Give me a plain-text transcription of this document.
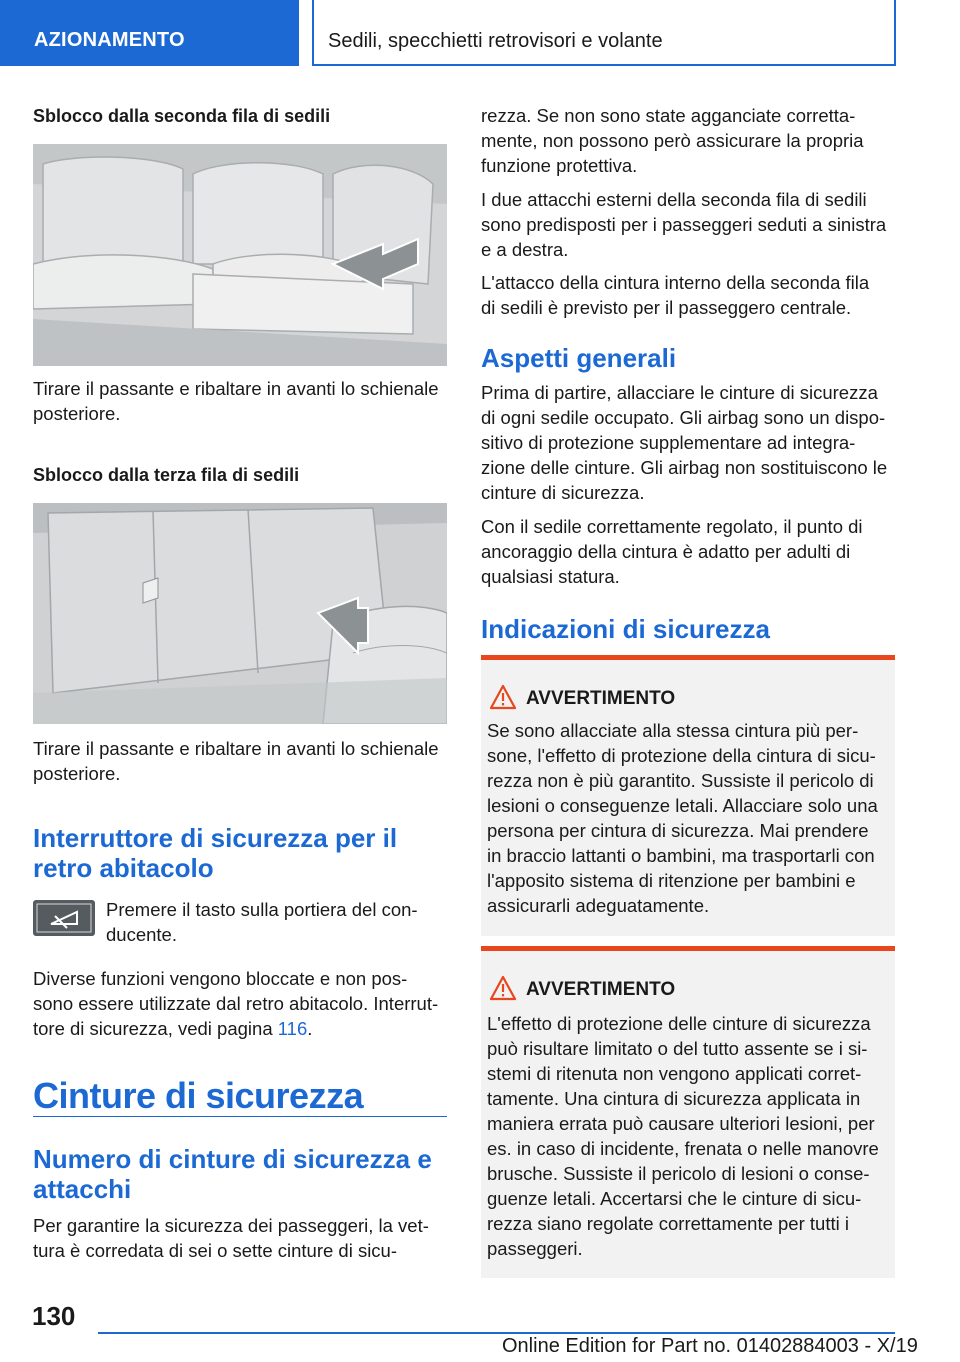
AZIONAMENTO	Sedili, specchietti retrovisori e volante
Sblocco dalla seconda fila di sedili
Tirare il passante e ribaltare in avanti lo schienale posteriore.
Sblocco dalla terza fila di sedili
Tirare il passante e ribaltare in avanti lo schienale posteriore.
Interruttore di sicurezza per il retro abitacolo
Premere il tasto sulla portiera del con-
ducente.
Diverse funzioni vengono bloccate e non pos-
sono essere utilizzate dal retro abitacolo. Interrut-
tore di sicurezza, vedi pagina 116.
Cinture di sicurezza
Numero di cinture di sicurezza e attacchi
Per garantire la sicurezza dei passeggeri, la vet-
tura è corredata di sei o sette cinture di sicu-
rezza. Se non sono state agganciate corretta-
mente, non possono però assicurare la propria
funzione protettiva.
I due attacchi esterni della seconda fila di sedili
sono predisposti per i passeggeri seduti a sinistra
e a destra.
L'attacco della cintura interno della seconda fila
di sedili è previsto per il passeggero centrale.
Aspetti generali
Prima di partire, allacciare le cinture di sicurezza
di ogni sedile occupato. Gli airbag sono un dispo-
sitivo di protezione supplementare ad integra-
zione delle cinture. Gli airbag non sostituiscono le
cinture di sicurezza.
Con il sedile correttamente regolato, il punto di
ancoraggio della cintura è adatto per adulti di
qualsiasi statura.
Indicazioni di sicurezza
AVVERTIMENTO
Se sono allacciate alla stessa cintura più per-
sone, l'effetto di protezione della cintura di sicu-
rezza non è più garantito. Sussiste il pericolo di
lesioni o conseguenze letali. Allacciare solo una
persona per cintura di sicurezza. Mai prendere
in braccio lattanti o bambini, ma trasportarli con
l'apposito sistema di ritenzione per bambini e
assicurarli adeguatamente.
AVVERTIMENTO
L'effetto di protezione delle cinture di sicurezza
può risultare limitato o del tutto assente se i si-
stemi di ritenuta non vengono applicati corret-
tamente. Una cintura di sicurezza applicata in
maniera errata può causare ulteriori lesioni, per
es. in caso di incidente, frenata o nelle manovre
brusche. Sussiste il pericolo di lesioni o conse-
guenze letali. Accertarsi che le cinture di sicu-
rezza siano regolate correttamente per tutti i
passeggeri.
130
Online Edition for Part no. 01402884003 - X/19
